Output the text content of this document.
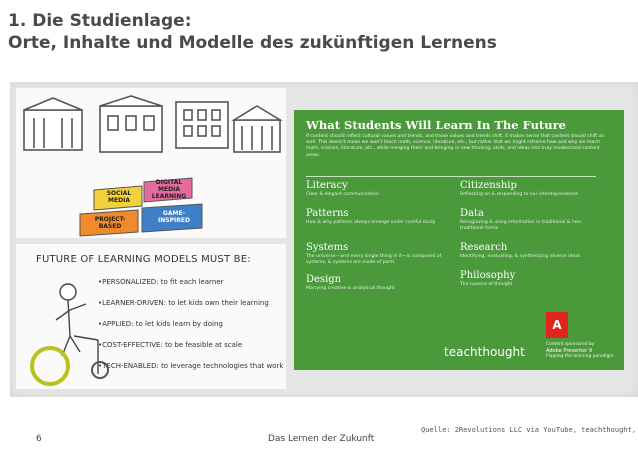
1. Die Studienlage:
Orte, Inhalte und Modelle des zukünftigen Lernens
SOCIAL MEDIA
DIGITAL MEDIA LEARNING
PROJECT-BASED
GAME-INSPIRED
FUTURE OF LEARNING MODELS MUST BE:
•PERSONALIZED: to fit each learner
•LEARNER-DRIVEN: to let kids own their learning
•APPLIED: to let kids learn by doing
•COST-EFFECTIVE: to be feasible at scale
•TECH-ENABLED: to leverage technologies that work
What Students Will Learn In The Future
If content should reflect cultural values and trends, and those values and trends shift, it makes sense that content should shift as well. This doesn't mean we won't teach math, science, literature, etc., but rather that we might reframe how and why we teach math, science, literature, etc., while merging them and bringing in new thinking, skills, and ideas into truly modernized content areas.
Literacy
Clear & elegant communication
Patterns
How & why patterns always emerge under careful study
Systems
The universe—and every single thing in it—is composed of systems, & systems are made of parts
Design
Marrying creative & analytical thought
Citizenship
Reflecting on & responding to our interdependence
Data
Recognizing & using information in traditional & non-traditional forms
Research
Identifying, evaluating, & synthesizing diverse ideas
Philosophy
The nuance of thought
teachthought
A
Content sponsored by
Adobe Presenter 9
Flipping the learning paradigm
Quelle: 2Revolutions LLC via YouTube, teachthought,
6	Das Lernen der Zukunft
